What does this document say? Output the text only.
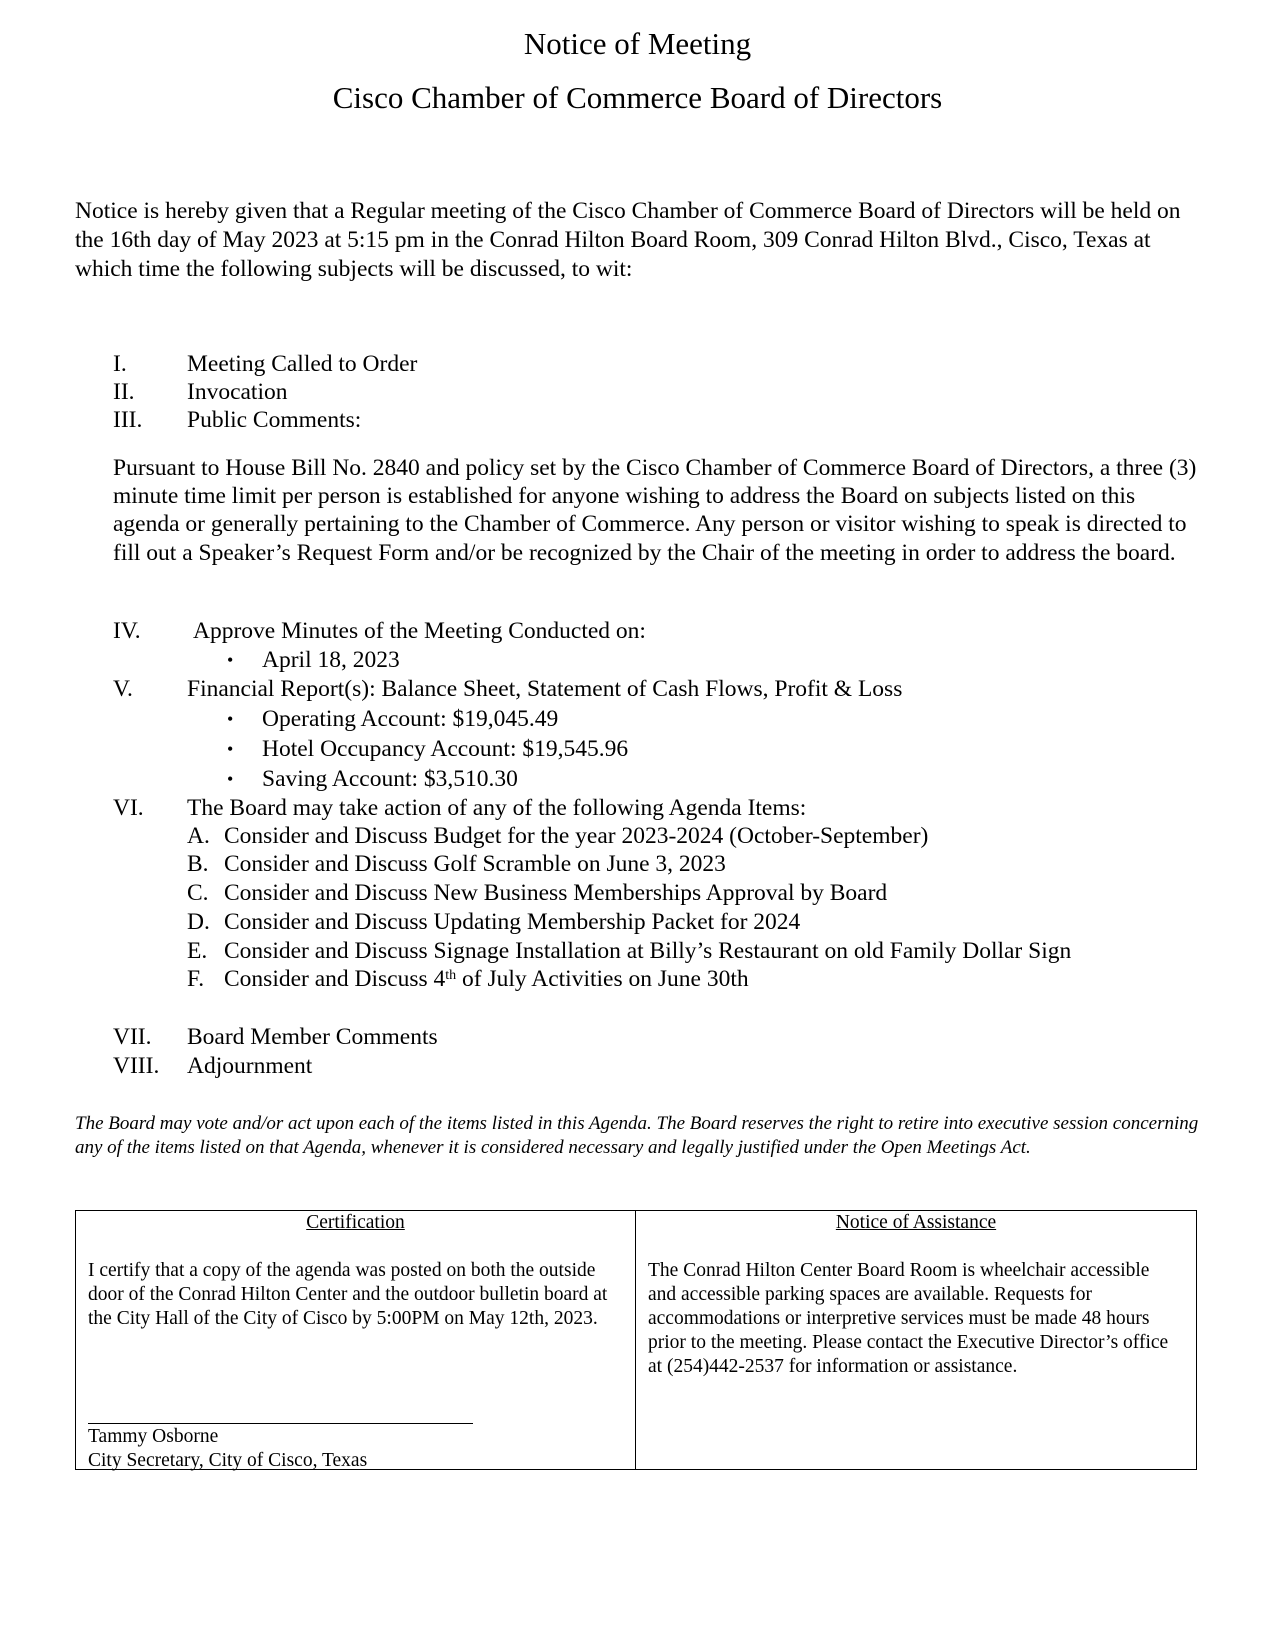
Notice of Meeting
Cisco Chamber of Commerce Board of Directors
Notice is hereby given that a Regular meeting of the Cisco Chamber of Commerce Board of Directors will be held on the 16th day of May 2023 at 5:15 pm in the Conrad Hilton Board Room, 309 Conrad Hilton Blvd., Cisco, Texas at which time the following subjects will be discussed, to wit:
I.	Meeting Called to Order
II. Invocation
III. Public Comments:
Pursuant to House Bill No. 2840 and policy set by the Cisco Chamber of Commerce Board of Directors, a three (3) minute time limit per person is established for anyone wishing to address the Board on subjects listed on this agenda or generally pertaining to the Chamber of Commerce. Any person or visitor wishing to speak is directed to fill out a Speaker’s Request Form and/or be recognized by the Chair of the meeting in order to address the board.
IV. Approve Minutes of the Meeting Conducted on:
• April 18, 2023
V. Financial Report(s): Balance Sheet, Statement of Cash Flows, Profit & Loss
• Operating Account: $19,045.49
• Hotel Occupancy Account: $19,545.96
• Saving Account: $3,510.30
VI. The Board may take action of any of the following Agenda Items:
A. Consider and Discuss Budget for the year 2023-2024 (October-September)
B. Consider and Discuss Golf Scramble on June 3, 2023
C. Consider and Discuss New Business Memberships Approval by Board
D. Consider and Discuss Updating Membership Packet for 2024
E. Consider and Discuss Signage Installation at Billy’s Restaurant on old Family Dollar Sign
F. Consider and Discuss 4th of July Activities on June 30th
VII. Board Member Comments
VIII. Adjournment
The Board may vote and/or act upon each of the items listed in this Agenda. The Board reserves the right to retire into executive session concerning any of the items listed on that Agenda, whenever it is considered necessary and legally justified under the Open Meetings Act.
Certification
I certify that a copy of the agenda was posted on both the outside door of the Conrad Hilton Center and the outdoor bulletin board at the City Hall of the City of Cisco by 5:00PM on May 12th, 2023.
Tammy Osborne
City Secretary, City of Cisco, Texas
Notice of Assistance
The Conrad Hilton Center Board Room is wheelchair accessible and accessible parking spaces are available. Requests for accommodations or interpretive services must be made 48 hours prior to the meeting. Please contact the Executive Director’s office at (254)442-2537 for information or assistance.
